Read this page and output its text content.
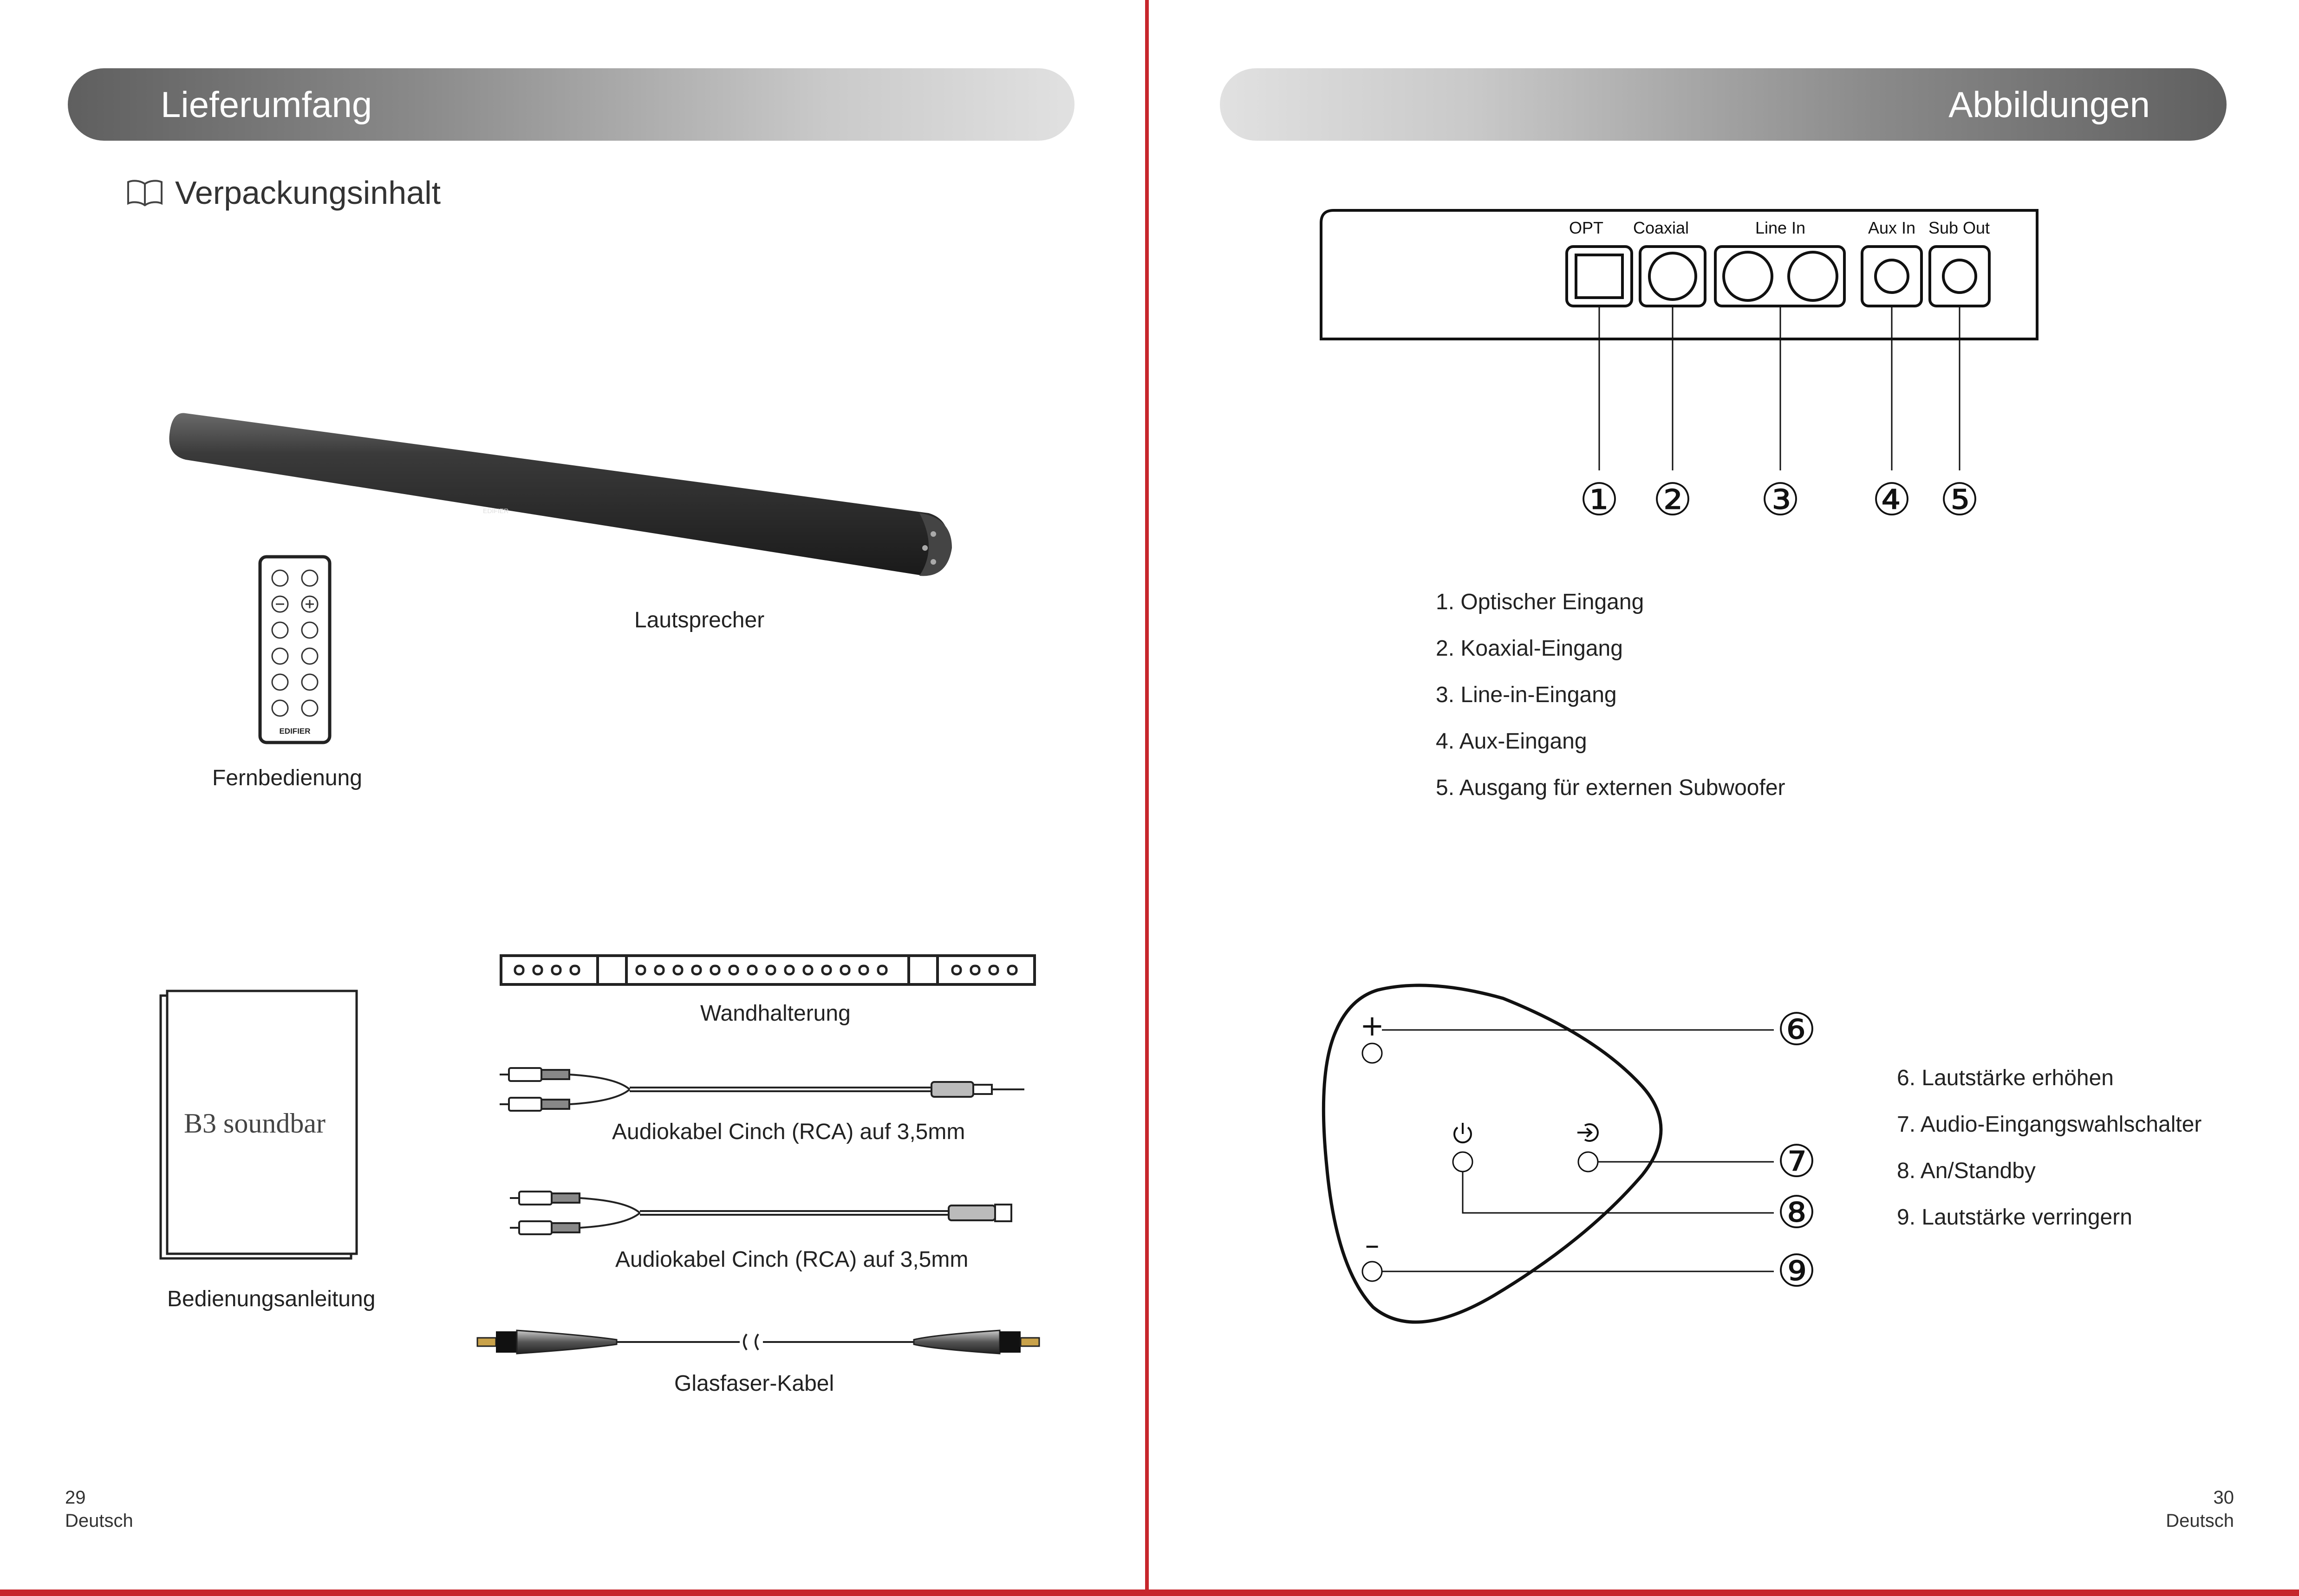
Lieferumfang
Verpackungsinhalt
EDIFIER
Lautsprecher
EDIFIER
Fernbedienung
B3 soundbar
Bedienungsanleitung
Wandhalterung
Audiokabel Cinch (RCA) auf 3,5mm
Audiokabel Cinch (RCA) auf 3,5mm
Glasfaser-Kabel
29
Deutsch
Abbildungen
OPT Coaxial	Line In	Aux In Sub Out
① ② ③ ④ ⑤
1. Optischer Eingang
2. Koaxial-Eingang
3. Line-in-Eingang
4. Aux-Eingang
5. Ausgang für externen Subwoofer
+
–
⑥
⑦
⑧
⑨
6. Lautstärke erhöhen
7. Audio-Eingangswahlschalter
8. An/Standby
9. Lautstärke verringern
30
Deutsch
